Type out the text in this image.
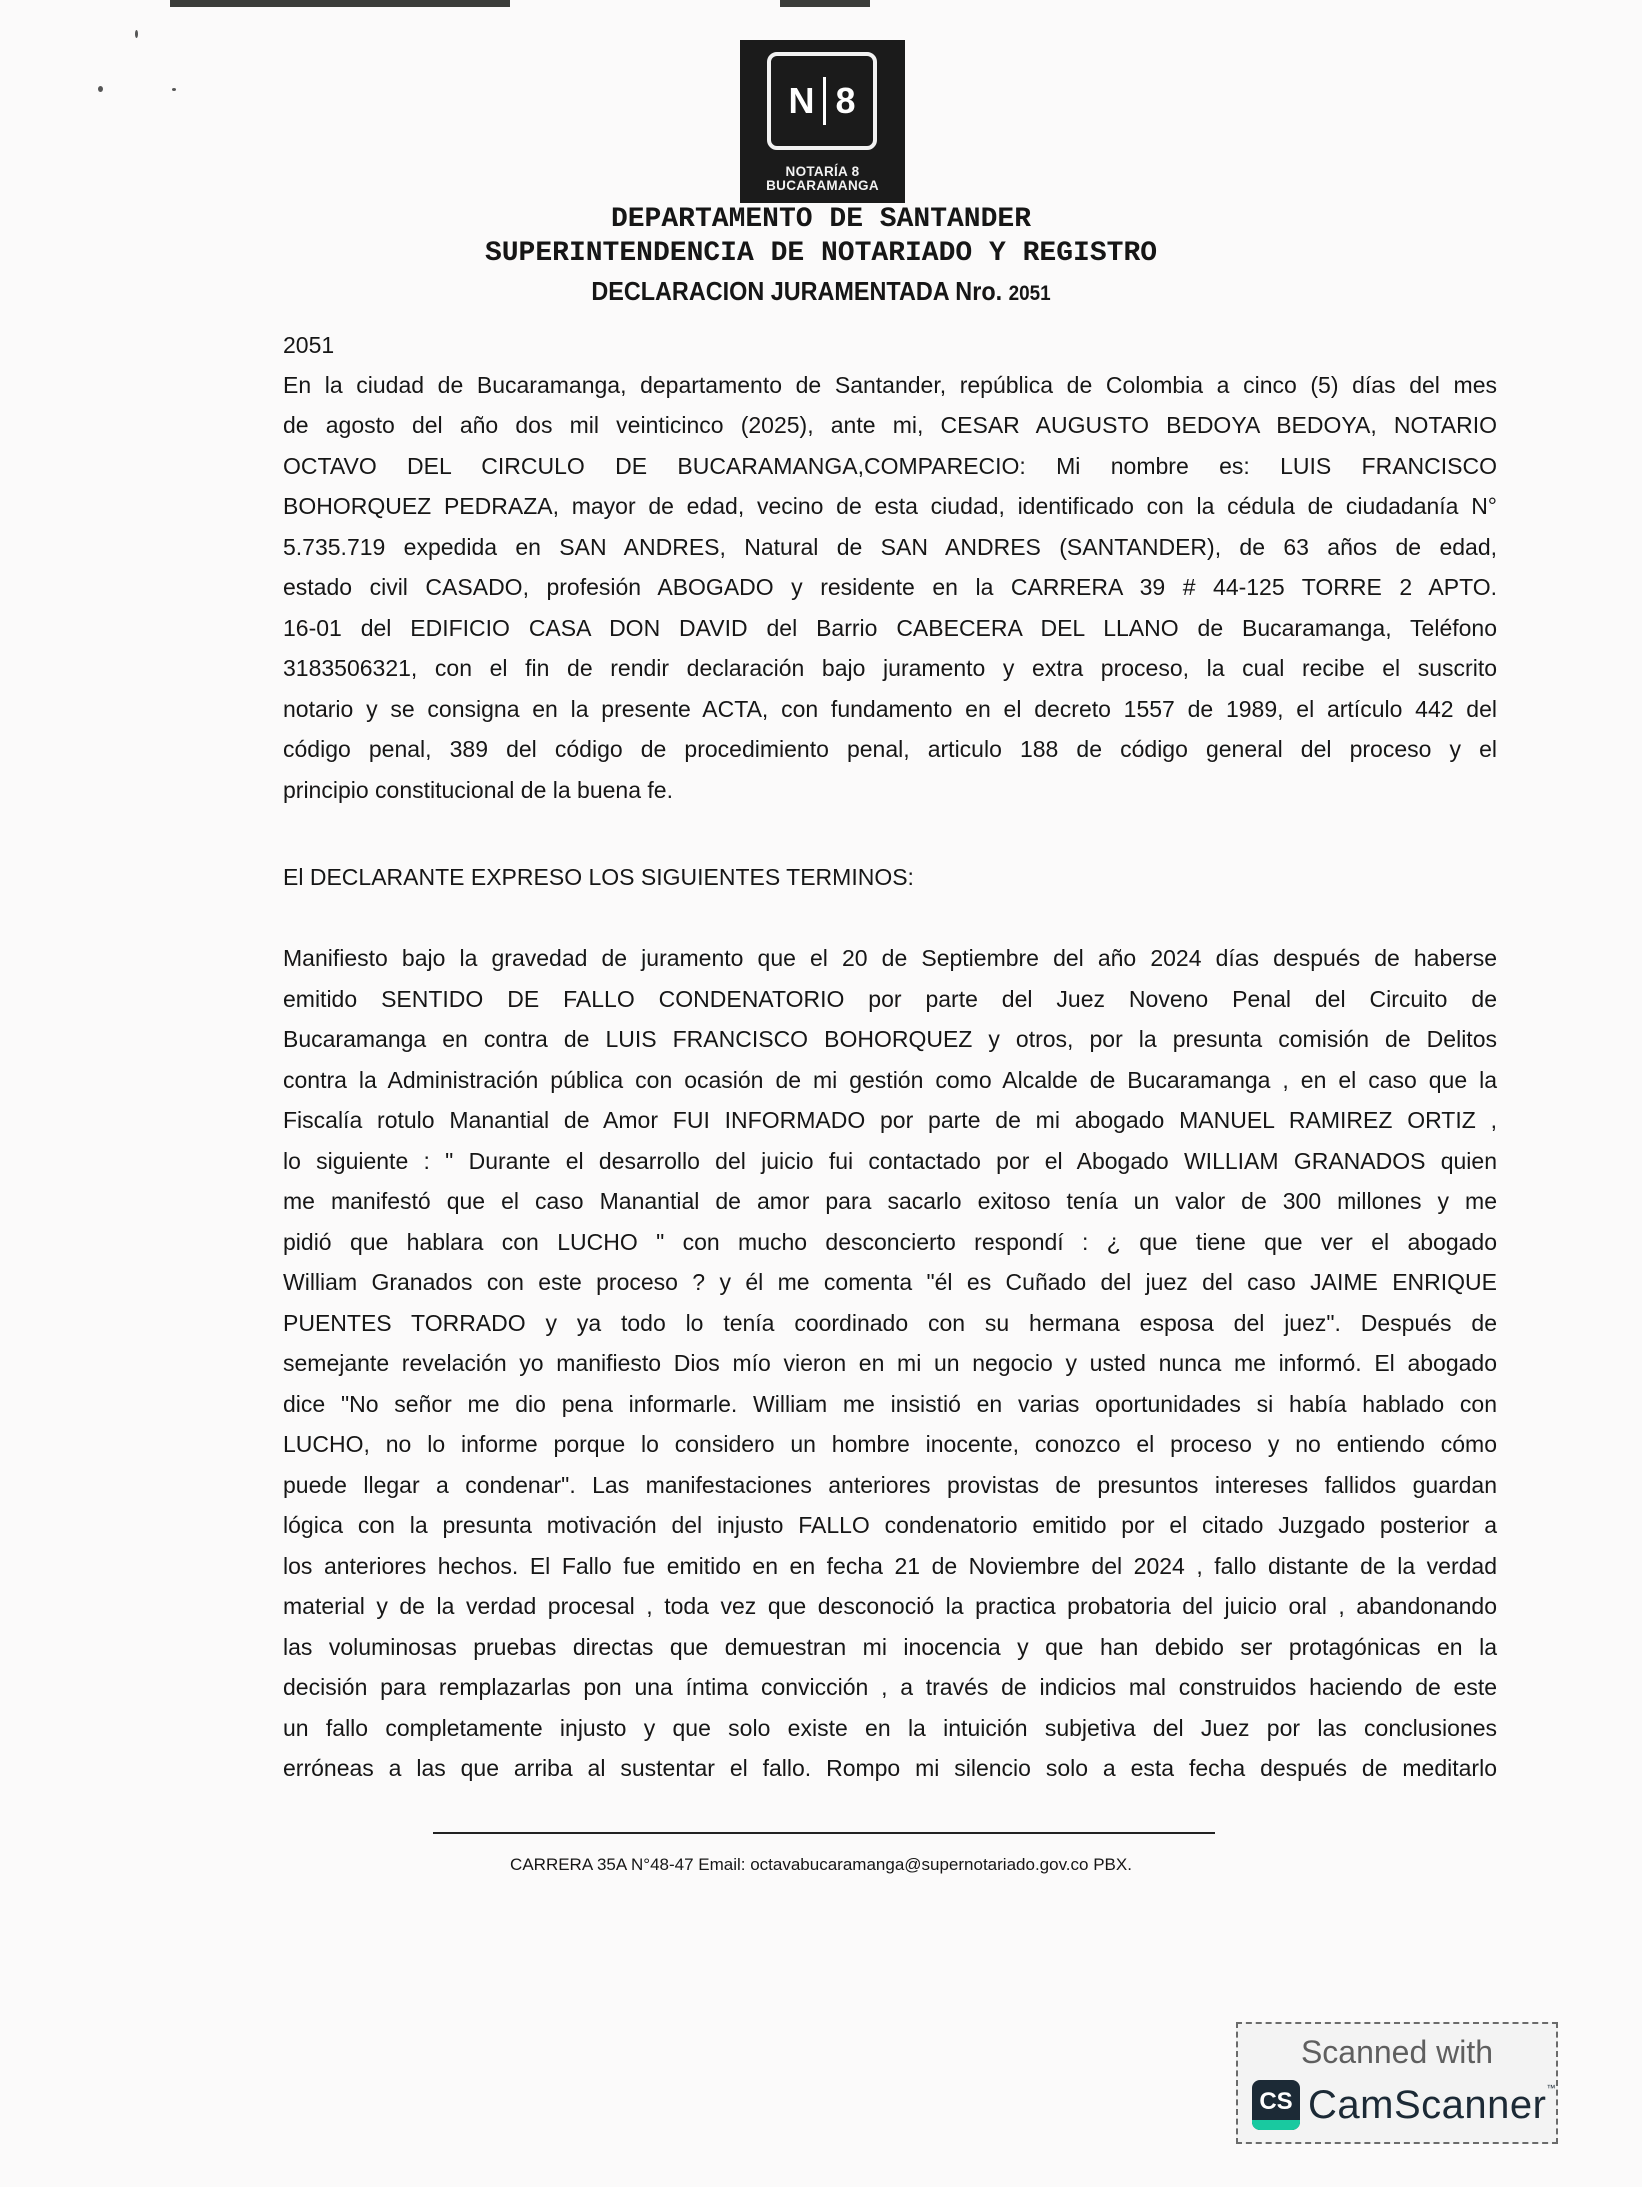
N 8
NOTARÍA 8
BUCARAMANGA
DEPARTAMENTO DE SANTANDER
SUPERINTENDENCIA DE NOTARIADO Y REGISTRO
DECLARACION JURAMENTADA Nro. 2051
2051
En la ciudad de Bucaramanga, departamento de Santander, república de Colombia a cinco (5) días del mes
de agosto del año dos mil veinticinco (2025), ante mi, CESAR AUGUSTO BEDOYA BEDOYA, NOTARIO
OCTAVO DEL CIRCULO DE BUCARAMANGA,COMPARECIO: Mi nombre es: LUIS FRANCISCO
BOHORQUEZ PEDRAZA, mayor de edad, vecino de esta ciudad, identificado con la cédula de ciudadanía N°
5.735.719 expedida en SAN ANDRES, Natural de SAN ANDRES (SANTANDER), de 63 años de edad,
estado civil CASADO, profesión ABOGADO y residente en la CARRERA 39 # 44-125 TORRE 2 APTO.
16-01 del EDIFICIO CASA DON DAVID del Barrio CABECERA DEL LLANO de Bucaramanga, Teléfono
3183506321, con el fin de rendir declaración bajo juramento y extra proceso, la cual recibe el suscrito
notario y se consigna en la presente ACTA, con fundamento en el decreto 1557 de 1989, el artículo 442 del
código penal, 389 del código de procedimiento penal, articulo 188 de código general del proceso y el
principio constitucional de la buena fe.
El DECLARANTE EXPRESO LOS SIGUIENTES TERMINOS:
Manifiesto bajo la gravedad de juramento que el 20 de Septiembre del año 2024 días después de haberse
emitido SENTIDO DE FALLO CONDENATORIO por parte del Juez Noveno Penal del Circuito de
Bucaramanga en contra de LUIS FRANCISCO BOHORQUEZ y otros, por la presunta comisión de Delitos
contra la Administración pública con ocasión de mi gestión como Alcalde de Bucaramanga , en el caso que la
Fiscalía rotulo Manantial de Amor FUI INFORMADO por parte de mi abogado MANUEL RAMIREZ ORTIZ ,
lo siguiente : " Durante el desarrollo del juicio fui contactado por el Abogado WILLIAM GRANADOS quien
me manifestó que el caso Manantial de amor para sacarlo exitoso tenía un valor de 300 millones y me
pidió que hablara con LUCHO " con mucho desconcierto respondí : ¿ que tiene que ver el abogado
William Granados con este proceso ? y él me comenta "él es Cuñado del juez del caso JAIME ENRIQUE
PUENTES TORRADO y ya todo lo tenía coordinado con su hermana esposa del juez". Después de
semejante revelación yo manifiesto Dios mío vieron en mi un negocio y usted nunca me informó. El abogado
dice "No señor me dio pena informarle. William me insistió en varias oportunidades si había hablado con
LUCHO, no lo informe porque lo considero un hombre inocente, conozco el proceso y no entiendo cómo
puede llegar a condenar". Las manifestaciones anteriores provistas de presuntos intereses fallidos guardan
lógica con la presunta motivación del injusto FALLO condenatorio emitido por el citado Juzgado posterior a
los anteriores hechos. El Fallo fue emitido en en fecha 21 de Noviembre del 2024 , fallo distante de la verdad
material y de la verdad procesal , toda vez que desconoció la practica probatoria del juicio oral , abandonando
las voluminosas pruebas directas que demuestran mi inocencia y que han debido ser protagónicas en la
decisión para remplazarlas pon una íntima convicción , a través de indicios mal construidos haciendo de este
un fallo completamente injusto y que solo existe en la intuición subjetiva del Juez por las conclusiones
erróneas a las que arriba al sustentar el fallo. Rompo mi silencio solo a esta fecha después de meditarlo
CARRERA 35A N°48-47 Email: octavabucaramanga@supernotariado.gov.co PBX.
Scanned with
CS CamScanner™
